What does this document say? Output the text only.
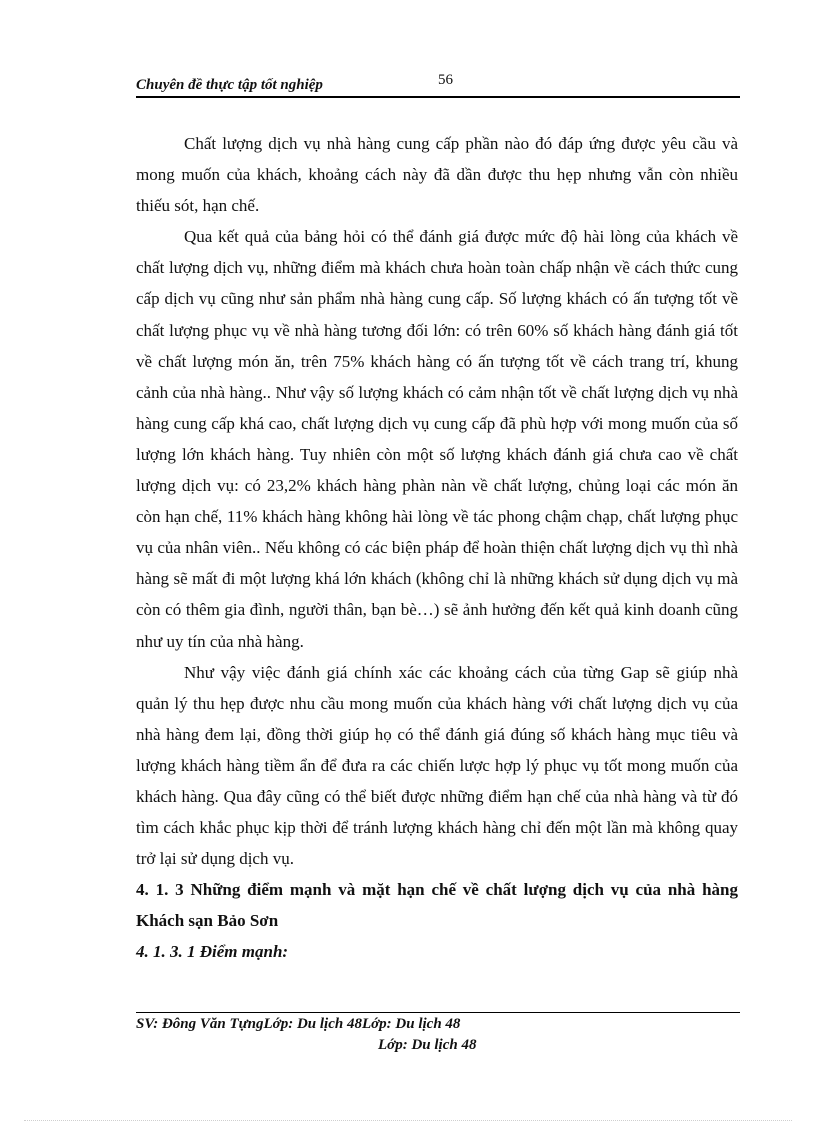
Chuyên đề thực tập tốt nghiệp	56

Chất lượng dịch vụ nhà hàng cung cấp phần nào đó đáp ứng được yêu cầu và mong muốn của khách, khoảng cách này đã dần được thu hẹp nhưng vẫn còn nhiều thiếu sót, hạn chế.

Qua kết quả của bảng hỏi có thể đánh giá được mức độ hài lòng của khách về chất lượng dịch vụ, những điểm mà khách chưa hoàn toàn chấp nhận về cách thức cung cấp dịch vụ cũng như sản phẩm nhà hàng cung cấp. Số lượng khách có ấn tượng tốt về chất lượng phục vụ về nhà hàng tương đối lớn: có trên 60% số khách hàng đánh giá tốt về chất lượng món ăn, trên 75% khách hàng có ấn tượng tốt về cách trang trí, khung cảnh của nhà hàng.. Như vậy số lượng khách có cảm nhận tốt về chất lượng dịch vụ nhà hàng cung cấp khá cao, chất lượng dịch vụ cung cấp đã phù hợp với mong muốn của số lượng lớn khách hàng. Tuy nhiên còn một số lượng khách đánh giá chưa cao về chất lượng dịch vụ: có 23,2% khách hàng phàn nàn về chất lượng, chủng loại các món ăn còn hạn chế, 11% khách hàng không hài lòng về tác phong chậm chạp, chất lượng phục vụ của nhân viên.. Nếu không có các biện pháp để hoàn thiện chất lượng dịch vụ thì nhà hàng sẽ mất đi một lượng khá lớn khách (không chỉ là những khách sử dụng dịch vụ mà còn có thêm gia đình, người thân, bạn bè…) sẽ ảnh hưởng đến kết quả kinh doanh cũng như uy tín của nhà hàng.

Như vậy việc đánh giá chính xác các khoảng cách của từng Gap sẽ giúp nhà quản lý thu hẹp được nhu cầu mong muốn của khách hàng với chất lượng dịch vụ của nhà hàng đem lại, đồng thời giúp họ có thể đánh giá đúng số khách hàng mục tiêu và lượng khách hàng tiềm ẩn để đưa ra các chiến lược hợp lý phục vụ tốt mong muốn của khách hàng. Qua đây cũng có thể biết được những điểm hạn chế của nhà hàng và từ đó tìm cách khắc phục kịp thời để tránh lượng khách hàng chỉ đến một lần mà không quay trở lại sử dụng dịch vụ.

4. 1. 3 Những điểm mạnh và mặt hạn chế về chất lượng dịch vụ của nhà hàng Khách sạn Bảo Sơn
4. 1. 3. 1 Điểm mạnh:
SV: Đông Văn TựngLớp: Du lịch 48Lớp: Du lịch 48
Lớp: Du lịch 48
